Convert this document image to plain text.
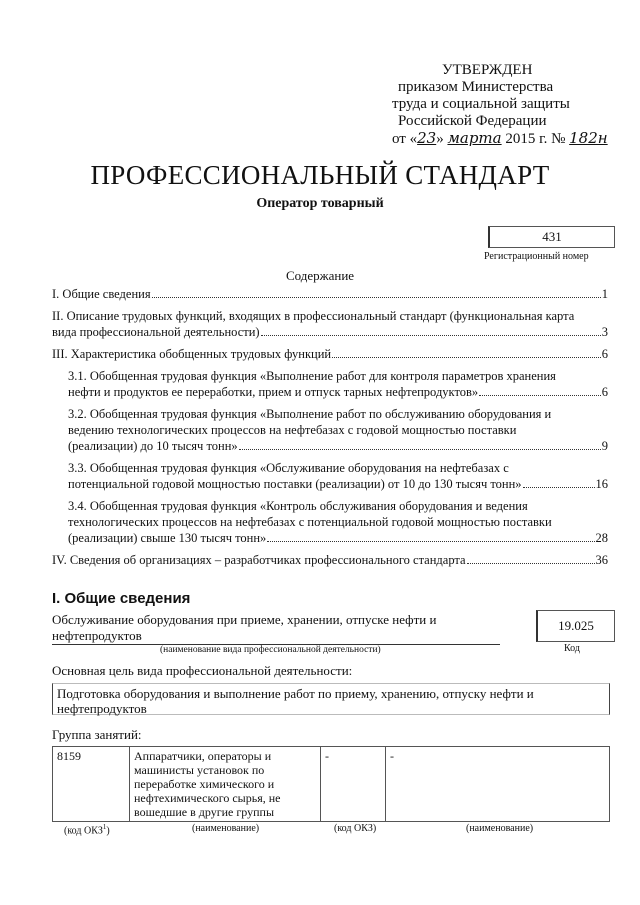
УТВЕРЖДЕН
приказом Министерства
труда и социальной защиты
Российской Федерации
от «23» марта 2015 г. № 182н
ПРОФЕССИОНАЛЬНЫЙ СТАНДАРТ
Оператор товарный
431
Регистрационный номер
Содержание
I. Общие сведения	1
II. Описание трудовых функций, входящих в профессиональный стандарт (функциональная карта
вида профессиональной деятельности)	3
III. Характеристика обобщенных трудовых функций	6
3.1. Обобщенная трудовая функция «Выполнение работ для контроля параметров хранения
нефти и продуктов ее переработки, прием и отпуск тарных нефтепродуктов»	6
3.2. Обобщенная трудовая функция «Выполнение работ по обслуживанию оборудования и
ведению технологических процессов на нефтебазах с годовой мощностью поставки
(реализации) до 10 тысяч тонн»	9
3.3. Обобщенная трудовая функция «Обслуживание оборудования на нефтебазах с
потенциальной годовой мощностью поставки (реализации) от 10 до 130 тысяч тонн»	16
3.4. Обобщенная трудовая функция «Контроль обслуживания оборудования и ведения
технологических процессов на нефтебазах с потенциальной годовой мощностью поставки
(реализации) свыше 130 тысяч тонн»	28
IV. Сведения об организациях – разработчиках профессионального стандарта	36
I. Общие сведения
Обслуживание оборудования при приеме, хранении, отпуске нефти и
нефтепродуктов
(наименование вида профессиональной деятельности)
19.025
Код
Основная цель вида профессиональной деятельности:
Подготовка оборудования и выполнение работ по приему, хранению, отпуску нефти и
нефтепродуктов
Группа занятий:
8159	Аппаратчики, операторы и машинисты установок по переработке химического и нефтехимического сырья, не вошедшие в другие группы	-	-
(код ОКЗ$^1$)	(наименование)	(код ОКЗ)	(наименование)
